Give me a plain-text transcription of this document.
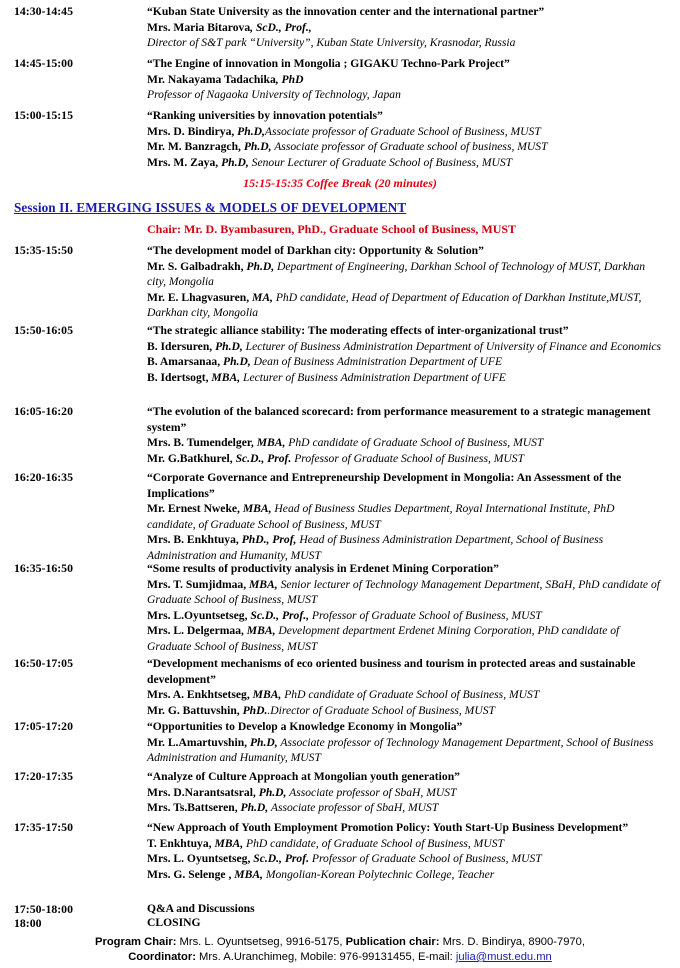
14:30-14:45	“Kuban State University as the innovation center and the international partner”
Mrs. Maria Bitarova, ScD., Prof.,
Director of S&T park “University”, Kuban State University, Krasnodar, Russia
14:45-15:00	“The Engine of innovation in Mongolia ; GIGAKU Techno-Park Project”
Mr. Nakayama Tadachika, PhD
Professor of Nagaoka University of Technology, Japan
15:00-15:15	“Ranking universities by innovation potentials”
Mrs. D. Bindirya, Ph.D,Associate professor of Graduate School of Business, MUST
Mr. M. Banzragch, Ph.D, Associate professor of Graduate school of business, MUST
Mrs. M. Zaya, Ph.D, Senour Lecturer of Graduate School of Business, MUST
15:15-15:35 Coffee Break (20 minutes)
Session II. EMERGING ISSUES & MODELS OF DEVELOPMENT
Chair: Mr. D. Byambasuren, PhD., Graduate School of Business, MUST
15:35-15:50	“The development model of Darkhan city: Opportunity & Solution”
Mr. S. Galbadrakh, Ph.D, Department of Engineering, Darkhan School of Technology of MUST, Darkhan city, Mongolia
Mr. E. Lhagvasuren, MA, PhD candidate, Head of Department of Education of Darkhan Institute,MUST, Darkhan city, Mongolia
15:50-16:05	“The strategic alliance stability: The moderating effects of inter-organizational trust”
B. Idersuren, Ph.D, Lecturer of Business Administration Department of University of Finance and Economics
B. Amarsanaa, Ph.D, Dean of Business Administration Department of UFE
B. Idertsogt, MBA, Lecturer of Business Administration Department of UFE
16:05-16:20	“The evolution of the balanced scorecard: from performance measurement to a strategic management system”
Mrs. B. Tumendelger, MBA, PhD candidate of Graduate School of Business, MUST
Mr. G.Batkhurel, Sc.D., Prof. Professor of Graduate School of Business, MUST
16:20-16:35	“Corporate Governance and Entrepreneurship Development in Mongolia: An Assessment of the Implications”
Mr. Ernest Nweke, MBA, Head of Business Studies Department, Royal International Institute, PhD candidate, of Graduate School of Business, MUST
Mrs. B. Enkhtuya, PhD., Prof, Head of Business Administration Department, School of Business Administration and Humanity, MUST
16:35-16:50	“Some results of productivity analysis in Erdenet Mining Corporation”
Mrs. T. Sumjidmaa, MBA, Senior lecturer of Technology Management Department, SBaH, PhD candidate of Graduate School of Business, MUST
Mrs. L.Oyuntsetseg, Sc.D., Prof., Professor of Graduate School of Business, MUST
Mrs. L. Delgermaa, MBA, Development department Erdenet Mining Corporation, PhD candidate of Graduate School of Business, MUST
16:50-17:05	“Development mechanisms of eco oriented business and tourism in protected areas and sustainable development”
Mrs. A. Enkhtsetseg, MBA, PhD candidate of Graduate School of Business, MUST
Mr. G. Battuvshin, PhD..Director of Graduate School of Business, MUST
17:05-17:20	“Opportunities to Develop a Knowledge Economy in Mongolia”
Mr. L.Amartuvshin, Ph.D, Associate professor of Technology Management Department, School of Business Administration and Humanity, MUST
17:20-17:35	“Analyze of Culture Approach at Mongolian youth generation”
Mrs. D.Narantsatsral, Ph.D, Associate professor of SbaH, MUST
Mrs. Ts.Battseren, Ph.D, Associate professor of SbaH, MUST
17:35-17:50	“New Approach of Youth Employment Promotion Policy: Youth Start-Up Business Development”
T. Enkhtuya, MBA, PhD candidate, of Graduate School of Business, MUST
Mrs. L. Oyuntsetseg, Sc.D., Prof. Professor of Graduate School of Business, MUST
Mrs. G. Selenge , MBA, Mongolian-Korean Polytechnic College, Teacher
17:50-18:00	Q&A and Discussions
18:00	CLOSING
Program Chair: Mrs. L. Oyuntsetseg, 9916-5175, Publication chair: Mrs. D. Bindirya, 8900-7970,
Coordinator: Mrs. A.Uranchimeg, Mobile: 976-99131455, E-mail: julia@must.edu.mn
